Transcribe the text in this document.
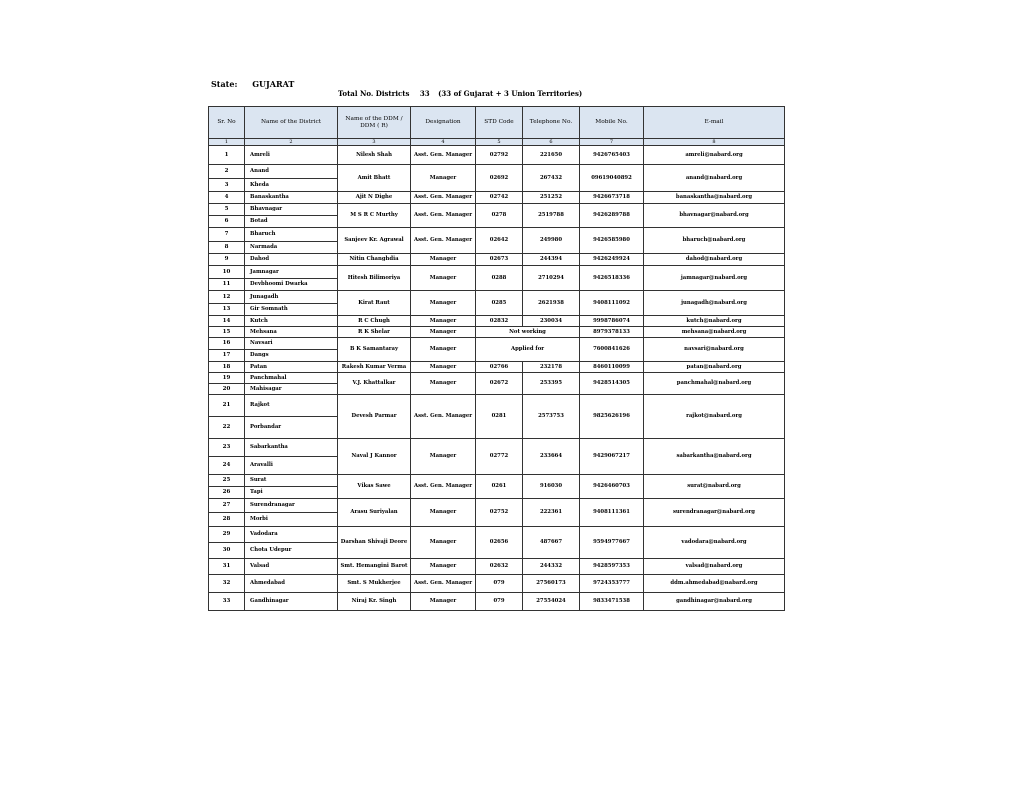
State: GUJARAT
Total No. Districts 33 (33 of Gujarat + 3 Union Territories)
Sr. No	Name of the District	Name of the DDM / DDM ( R)	Designation	STD Code	Telephone No.	Mobile No.	E-mail
1	2	3	4	5	6	7	8
1	Amreli	Nilesh Shah	Asst. Gen. Manager	02792	221650	9426765403	amreli@nabard.org
2	Anand	Amit Bhatt	Manager	02692	267432	09619040892	anand@nabard.org
3	Kheda						
4	Banaskantha	Ajit N Dighe	Asst. Gen. Manager	02742	251252	9426673718	banaskantha@nabard.org
5	Bhavnagar	M S R C Murthy	Asst. Gen. Manager	0278	2519788	9426289788	bhavnagar@nabard.org
6	Botad						
7	Bharuch	Sanjeev Kr. Agrawal	Asst. Gen. Manager	02642	249980	9426585980	bharuch@nabard.org
8	Narmada						
9	Dahod	Nitin Changhdia	Manager	02673	244394	9426249924	dahod@nabard.org
10	Jamnagar	Hitesh Bilimoriya	Manager	0288	2710294	9426518336	jamnagar@nabard.org
11	Devbhoomi Dwarka						
12	Junagadh	Kirat Raut	Manager	0285	2621938	9408111092	junagadh@nabard.org
13	Gir Somnath						
14	Kutch	R C Chugh	Manager	02832	230034	9998786074	kutch@nabard.org
15	Mehsana	R K Shelar	Manager	Not working		8979378133	mehsana@nabard.org
16	Navsari	B K Samantaray	Manager	Applied for		7600841626	navsari@nabard.org
17	Dangs						
18	Patan	Rakesh Kumar Verma	Manager	02766	232178	8460110099	patan@nabard.org
19	Panchmahal	V.J. Khattalkar	Manager	02672	253395	9428514305	panchmahal@nabard.org
20	Mahisagar						
21	Rajkot	Devesh Parmar	Asst. Gen. Manager	0281	2573753	9825626196	rajkot@nabard.org
22	Porbandar						
23	Sabarkantha	Naval J Kannor	Manager	02772	233664	9429067217	sabarkantha@nabard.org
24	Aravalli						
25	Surat	Vikas Sawe	Asst. Gen. Manager	0261	916030	9426460703	surat@nabard.org
26	Tapi						
27	Surendranagar	Arasu Suriyalan	Manager	02752	222361	9408111361	surendranagar@nabard.org
28	Morbi						
29	Vadodara	Darshan Shivaji Deore	Manager	02656	487667	9594977667	vadodara@nabard.org
30	Chota Udepur						
31	Valsad	Smt. Hemangini Barot	Manager	02632	244332	9428597353	valsad@nabard.org
32	Ahmedabad	Smt. S Mukherjee	Asst. Gen. Manager	079	27560173	9724353777	ddm.ahmedabad@nabard.org
33	Gandhinagar	Niraj Kr. Singh	Manager	079	27554024	9833471538	gandhinagar@nabard.org
